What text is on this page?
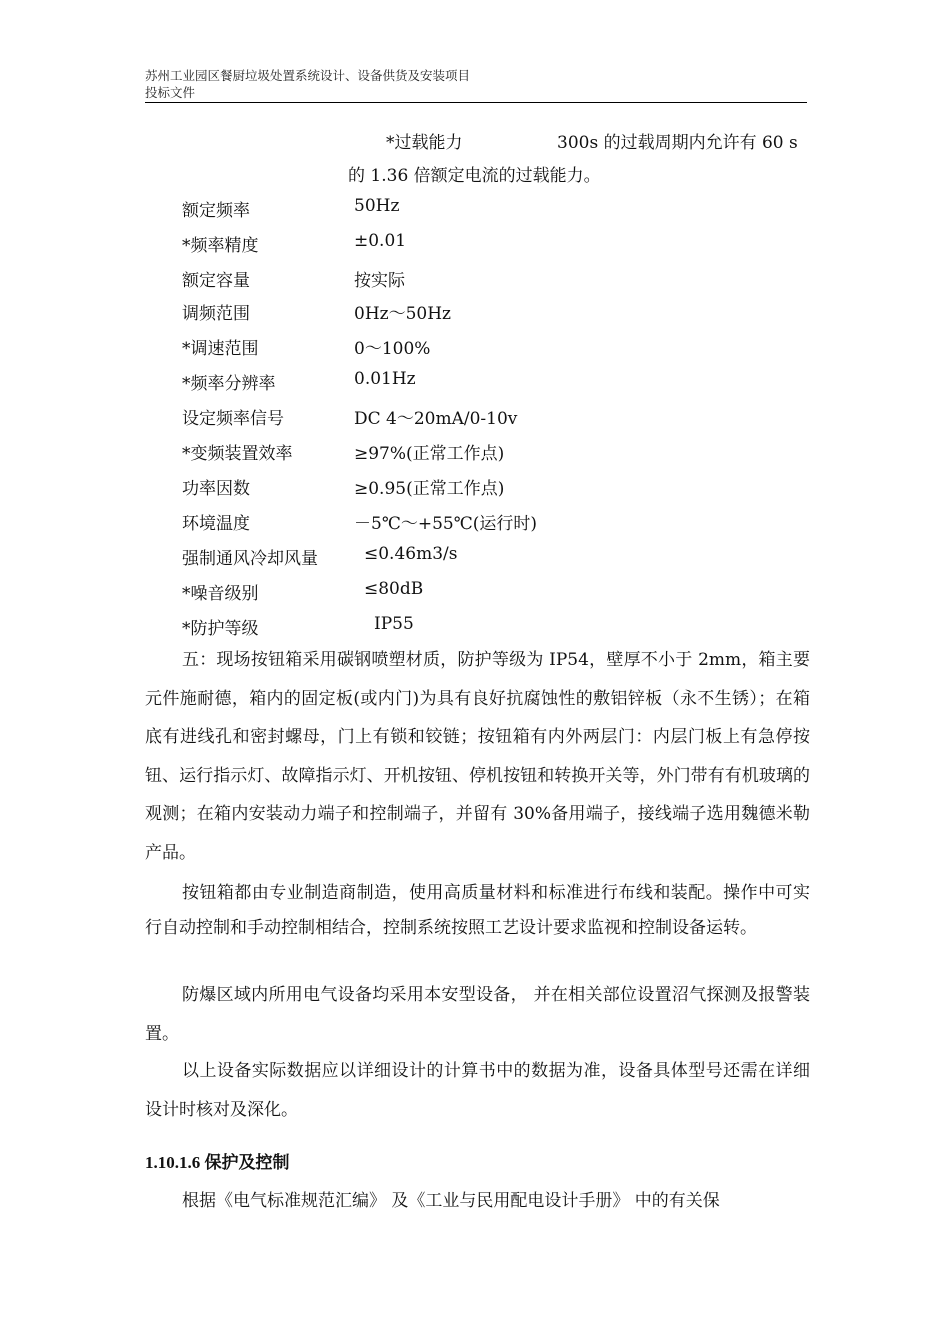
苏州工业园区餐厨垃圾处置系统设计、设备供货及安装项目
投标文件
*过载能力	300s 的过载周期内允许有 60 s
的 1.36 倍额定电流的过载能力。
额定频率	50Hz
*频率精度	±0.01
额定容量	按实际
调频范围	0Hz～50Hz
*调速范围	0～100%
*频率分辨率	0.01Hz
设定频率信号	DC 4～20mA/0-10v
*变频装置效率	≥97%(正常工作点)
功率因数	≥0.95(正常工作点)
环境温度	－5℃～+55℃(运行时)
强制通风冷却风量	≤0.46m3/s
*噪音级别	≤80dB
*防护等级	IP55

五：现场按钮箱采用碳钢喷塑材质，防护等级为 IP54，壁厚不小于 2mm，箱主要元件施耐德，箱内的固定板(或内门)为具有良好抗腐蚀性的敷铝锌板（永不生锈）；在箱底有进线孔和密封螺母，门上有锁和铰链；按钮箱有内外两层门：内层门板上有急停按钮、运行指示灯、故障指示灯、开机按钮、停机按钮和转换开关等，外门带有有机玻璃的观测；在箱内安装动力端子和控制端子，并留有 30%备用端子，接线端子选用魏德米勒产品。

按钮箱都由专业制造商制造，使用高质量材料和标准进行布线和装配。操作中可实行自动控制和手动控制相结合，控制系统按照工艺设计要求监视和控制设备运转。

防爆区域内所用电气设备均采用本安型设备， 并在相关部位设置沼气探测及报警装置。

以上设备实际数据应以详细设计的计算书中的数据为准，设备具体型号还需在详细设计时核对及深化。

1.10.1.6 保护及控制
根据《电气标准规范汇编》 及《工业与民用配电设计手册》 中的有关保
